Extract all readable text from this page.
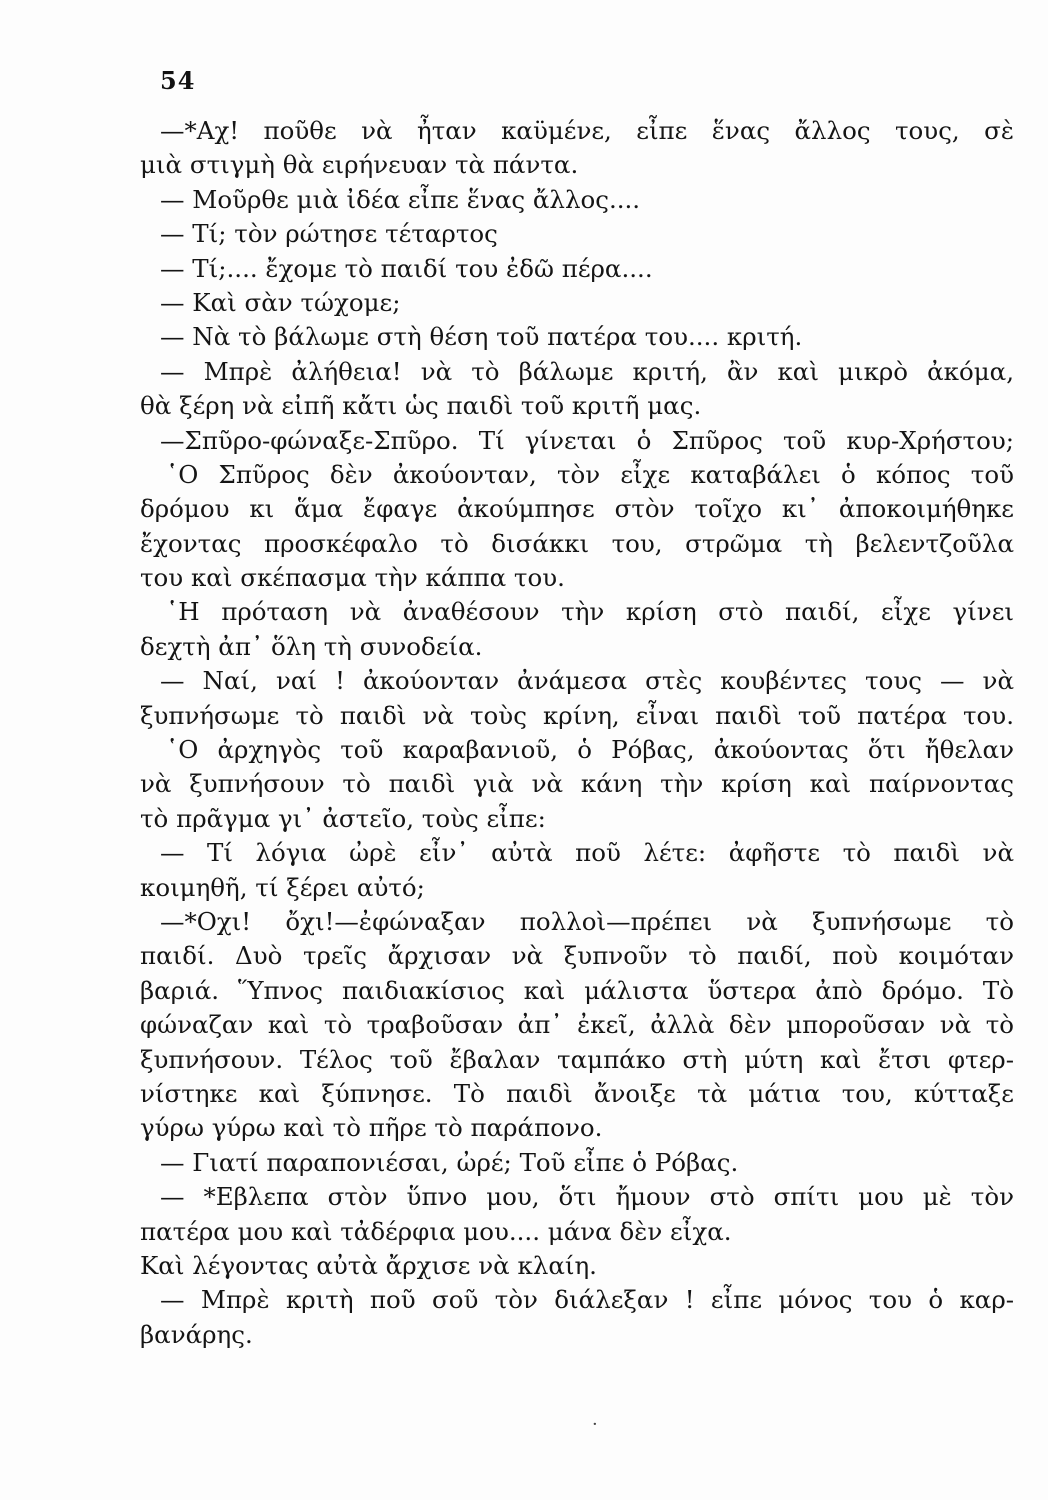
54
—*Αχ! ποῦθε νὰ ἦταν καϋμένε, εἶπε ἕνας ἄλλος τους, σὲ
μιὰ στιγμὴ θὰ ειρήνευαν τὰ πάντα.
— Μοῦρθε μιὰ ἰδέα εἶπε ἕνας ἄλλος....
— Τί; τὸν ρώτησε τέταρτος
— Τί;.... ἔχομε τὸ παιδί του ἐδῶ πέρα....
— Καὶ σὰν τώχομε;
— Νὰ τὸ βάλωμε στὴ θέση τοῦ πατέρα του.... κριτή.
— Μπρὲ ἀλήθεια! νὰ τὸ βάλωμε κριτή, ἂν καὶ μικρὸ ἀκόμα,
θὰ ξέρη νὰ εἰπῆ κἄτι ὡς παιδὶ τοῦ κριτῆ μας.
—Σπῦρο-φώναξε-Σπῦρο. Τί γίνεται ὁ Σπῦρος τοῦ κυρ-Χρήστου;
῾Ο Σπῦρος δὲν ἀκούονταν, τὸν εἶχε καταβάλει ὁ κόπος τοῦ
δρόμου κι ἅμα ἔφαγε ἀκούμπησε στὸν τοῖχο κι᾿ ἀποκοιμήθηκε
ἔχοντας προσκέφαλο τὸ δισάκκι του, στρῶμα τὴ βελεντζοῦλα
του καὶ σκέπασμα τὴν κάππα του.
῾Η πρόταση νὰ ἀναθέσουν τὴν κρίση στὸ παιδί, εἶχε γίνει
δεχτὴ ἀπ᾿ ὅλη τὴ συνοδεία.
— Ναί, ναί ! ἀκούονταν ἀνάμεσα στὲς κουβέντες τους — νὰ
ξυπνήσωμε τὸ παιδὶ νὰ τοὺς κρίνη, εἶναι παιδὶ τοῦ πατέρα του.
῾Ο ἀρχηγὸς τοῦ καραβανιοῦ, ὁ Ρόβας, ἀκούοντας ὅτι ἤθελαν
νὰ ξυπνήσουν τὸ παιδὶ γιὰ νὰ κάνη τὴν κρίση καὶ παίρνοντας
τὸ πρᾶγμα γι᾿ ἀστεῖο, τοὺς εἶπε:
— Τί λόγια ὠρὲ εἶν᾿ αὐτὰ ποῦ λέτε: ἀφῆστε τὸ παιδὶ νὰ
κοιμηθῆ, τί ξέρει αὐτό;
—*Οχι! ὄχι!—ἐφώναξαν πολλοὶ—πρέπει νὰ ξυπνήσωμε τὸ
παιδί. Δυὸ τρεῖς ἄρχισαν νὰ ξυπνοῦν τὸ παιδί, ποὺ κοιμόταν
βαριά. Ὕπνος παιδιακίσιος καὶ μάλιστα ὕστερα ἀπὸ δρόμο. Τὸ
φώναζαν καὶ τὸ τραβοῦσαν ἀπ᾿ ἐκεῖ, ἀλλὰ δὲν μποροῦσαν νὰ τὸ
ξυπνήσουν. Τέλος τοῦ ἔβαλαν ταμπάκο στὴ μύτη καὶ ἔτσι φτερ-
νίστηκε καὶ ξύπνησε. Τὸ παιδὶ ἄνοιξε τὰ μάτια του, κύτταξε
γύρω γύρω καὶ τὸ πῆρε τὸ παράπονο.
— Γιατί παραπονιέσαι, ὠρέ; Τοῦ εἶπε ὁ Ρόβας.
— *Εβλεπα στὸν ὕπνο μου, ὅτι ἤμουν στὸ σπίτι μου μὲ τὸν
πατέρα μου καὶ τἀδέρφια μου.... μάνα δὲν εἶχα.
Καὶ λέγοντας αὐτὰ ἄρχισε νὰ κλαίη.
— Μπρὲ κριτὴ ποῦ σοῦ τὸν διάλεξαν ! εἶπε μόνος του ὁ καρ-
βανάρης.
·
